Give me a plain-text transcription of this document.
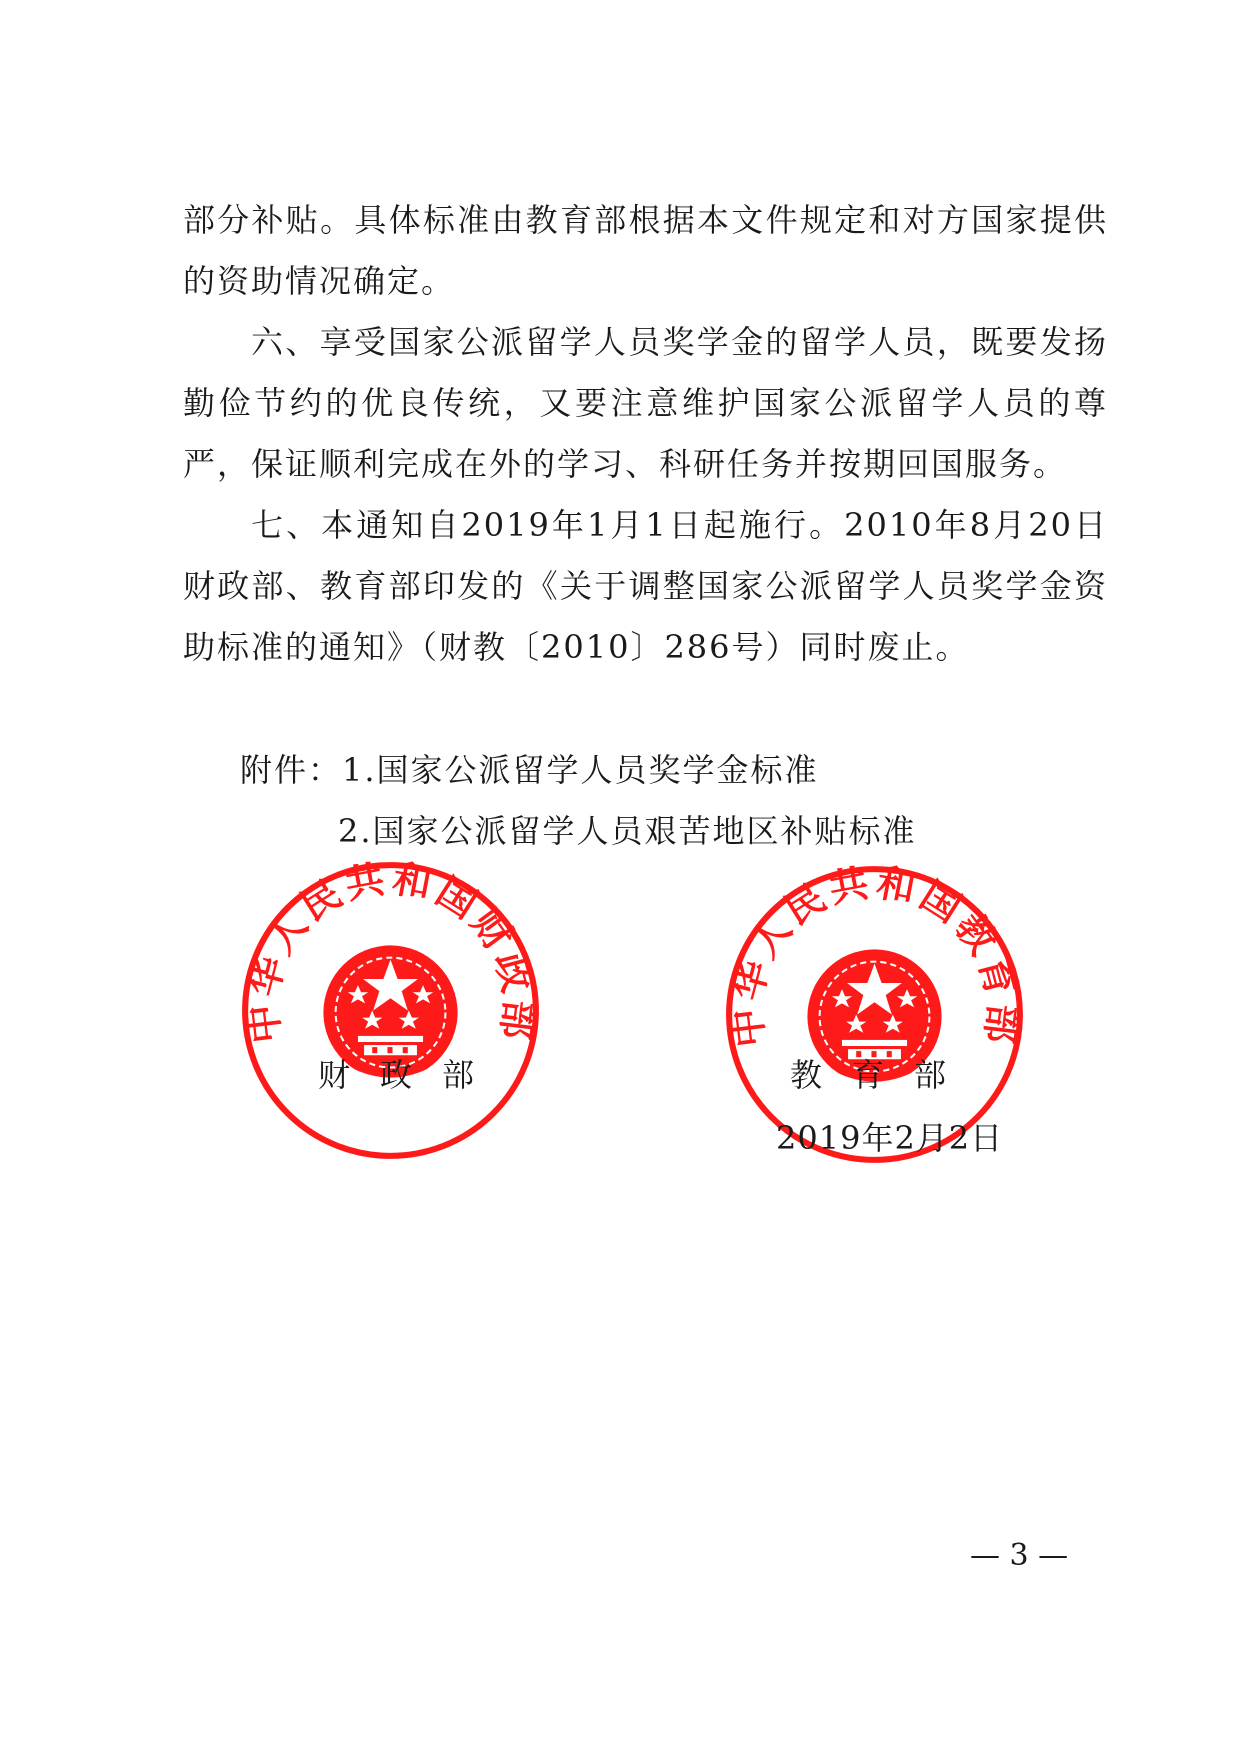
部分补贴。具体标准由教育部根据本文件规定和对方国家提供的资助情况确定。

六、享受国家公派留学人员奖学金的留学人员，既要发扬勤俭节约的优良传统，又要注意维护国家公派留学人员的尊严，保证顺利完成在外的学习、科研任务并按期回国服务。

七、本通知自2019年1月1日起施行。2010年8月20日财政部、教育部印发的《关于调整国家公派留学人员奖学金资助标准的通知》（财教〔2010〕286号）同时废止。

附件：1.国家公派留学人员奖学金标准
2.国家公派留学人员艰苦地区补贴标准
中华人民共和国财政部	中华人民共和国教育部
财政部	教育部
2019年2月2日
— 3 —
